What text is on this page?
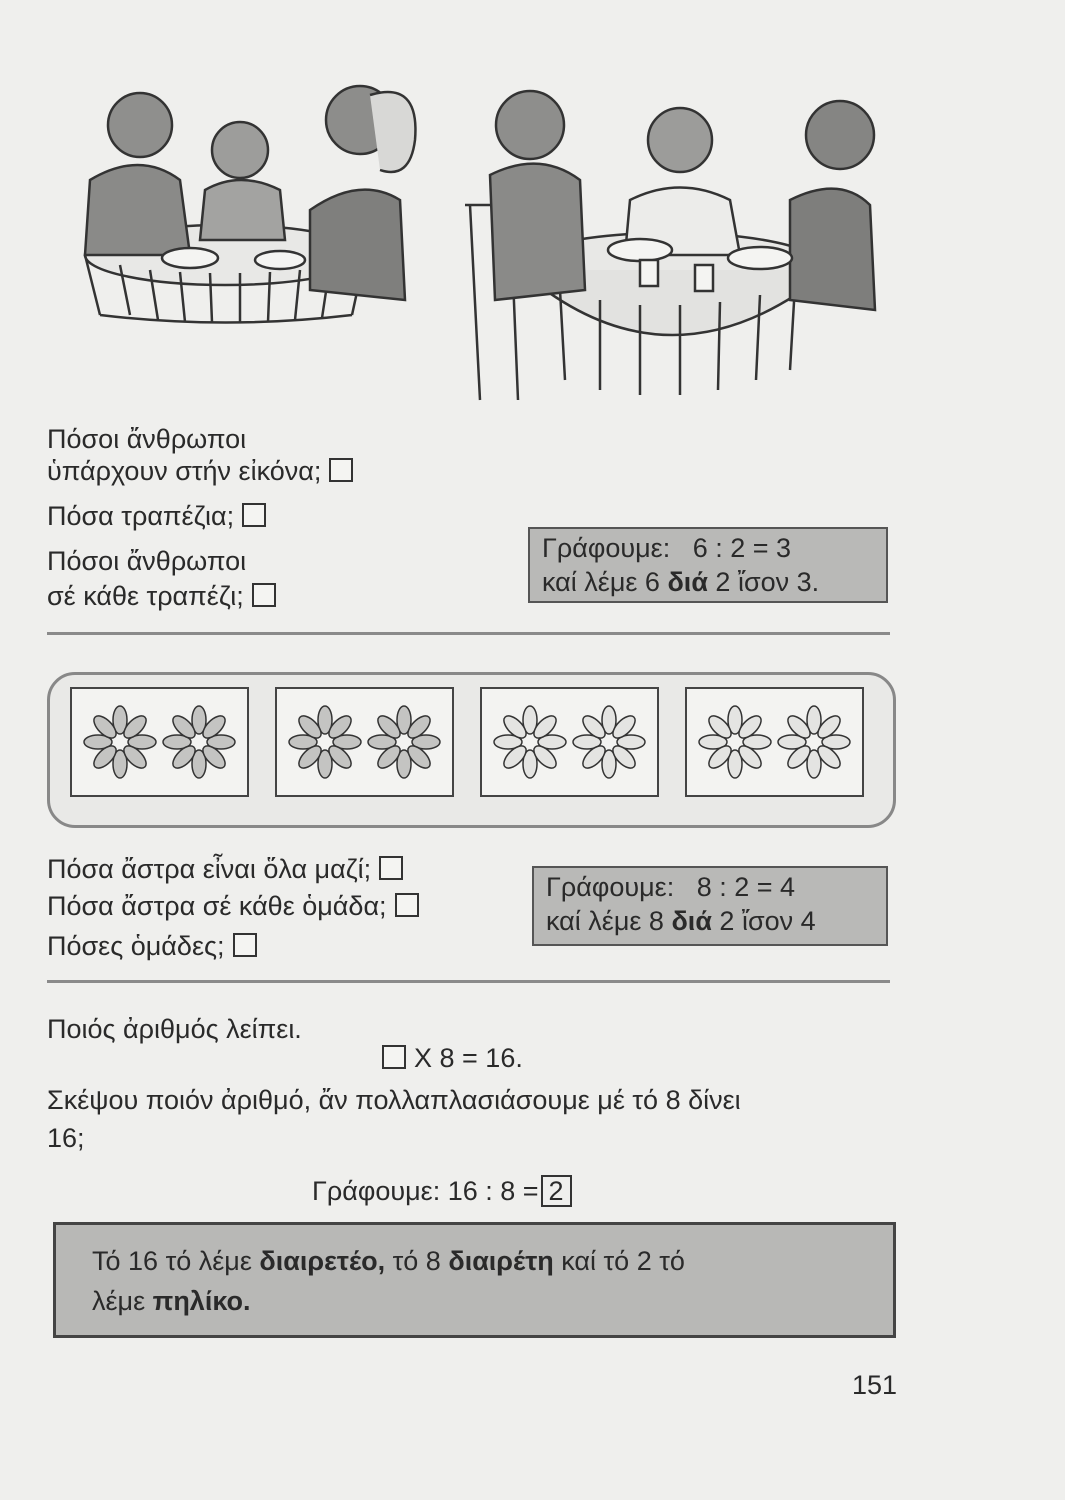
Πόσοι ἄνθρωποι
ὑπάρχουν στήν εἰκόνα;
Πόσα τραπέζια;
Πόσοι ἄνθρωποι
σέ κάθε τραπέζι;
Γράφουμε:   6 : 2 = 3
καί λέμε 6 διά 2 ἴσον 3.
Πόσα ἄστρα εἶναι ὅλα μαζί;
Πόσα ἄστρα σέ κάθε ὁμάδα;
Πόσες ὁμάδες;
Γράφουμε:   8 : 2 = 4
καί λέμε 8 διά 2 ἴσον 4
Ποιός ἀριθμός λείπει.
X 8 = 16.
Σκέψου ποιόν ἀριθμό, ἄν πολλαπλασιάσουμε μέ τό 8 δίνει
16;
Γράφουμε: 16 : 8 = 2
Τό 16 τό λέμε διαιρετέο, τό 8 διαιρέτη καί τό 2 τό
λέμε πηλίκο.
151
